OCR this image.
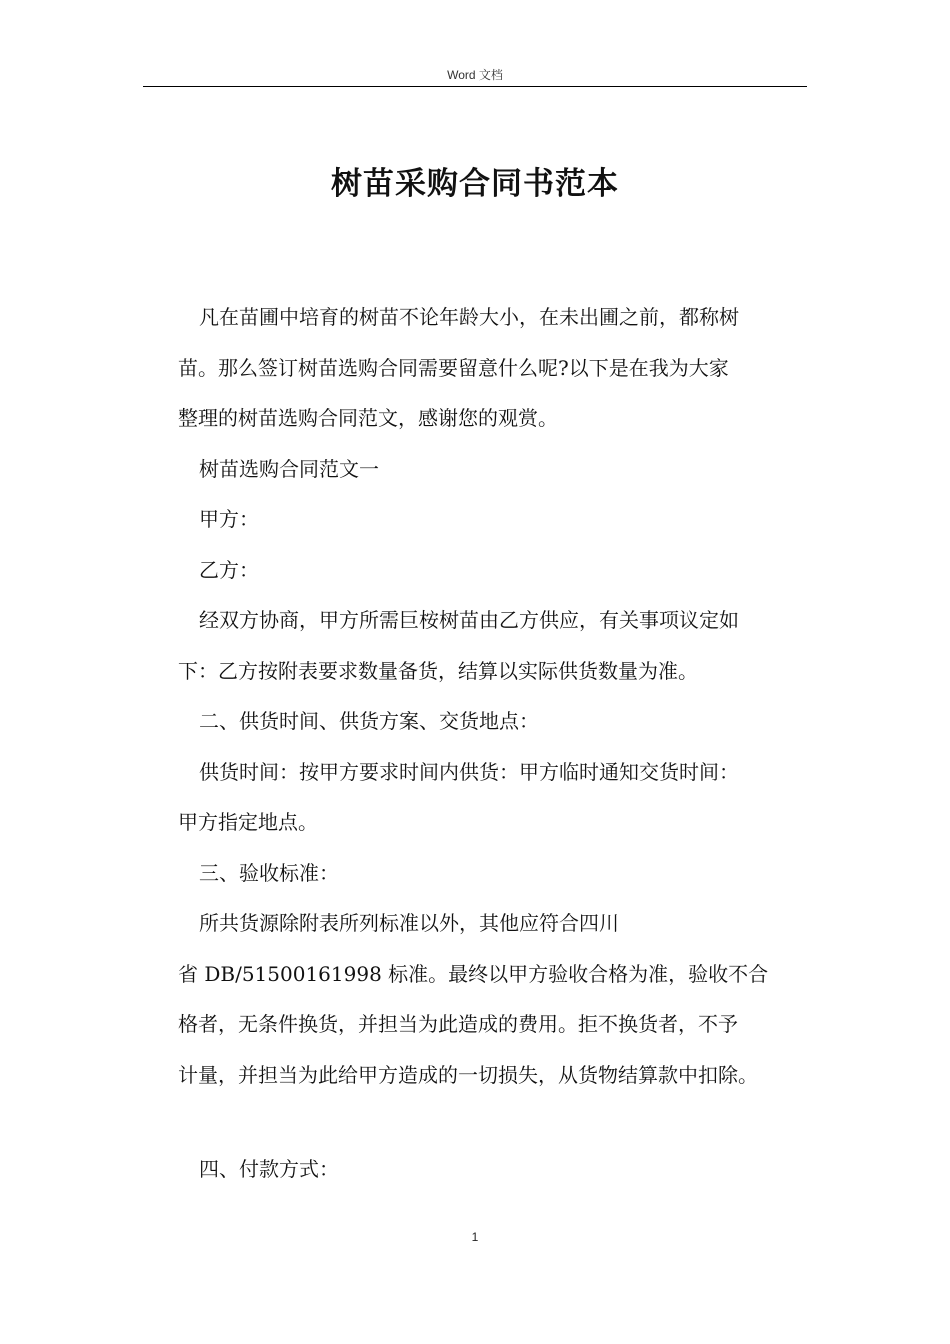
Word 文档
树苗采购合同书范本

凡在苗圃中培育的树苗不论年龄大小，在未出圃之前，都称树

苗。那么签订树苗选购合同需要留意什么呢?以下是在我为大家

整理的树苗选购合同范文，感谢您的观赏。

树苗选购合同范文一

甲方：

乙方：

经双方协商，甲方所需巨桉树苗由乙方供应，有关事项议定如

下：乙方按附表要求数量备货，结算以实际供货数量为准。

二、供货时间、供货方案、交货地点：

供货时间：按甲方要求时间内供货：甲方临时通知交货时间：

甲方指定地点。

三、验收标准：

所共货源除附表所列标准以外，其他应符合四川

省 DB/51500161998 标准。最终以甲方验收合格为准，验收不合

格者，无条件换货，并担当为此造成的费用。拒不换货者，不予

计量，并担当为此给甲方造成的一切损失，从货物结算款中扣除。

四、付款方式：

1
